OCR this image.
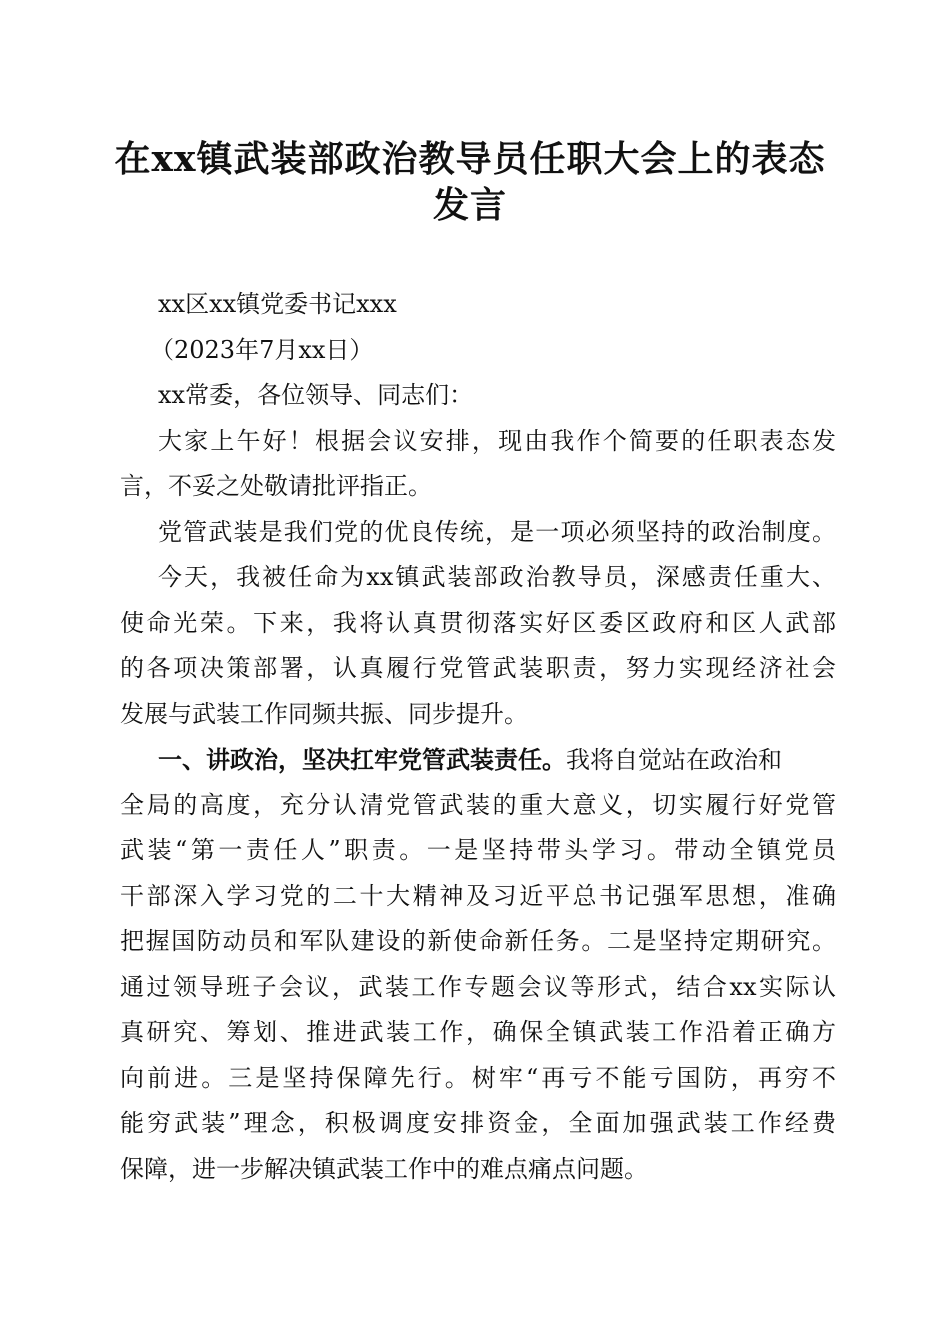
在xx镇武装部政治教导员任职大会上的表态
发言
xx区xx镇党委书记xxx
（2023年7月xx日）
xx常委，各位领导、同志们：
大家上午好！根据会议安排，现由我作个简要的任职表态发
言，不妥之处敬请批评指正。
党管武装是我们党的优良传统，是一项必须坚持的政治制度。
今天，我被任命为xx镇武装部政治教导员，深感责任重大、
使命光荣。下来，我将认真贯彻落实好区委区政府和区人武部
的各项决策部署，认真履行党管武装职责，努力实现经济社会
发展与武装工作同频共振、同步提升。
一、讲政治，坚决扛牢党管武装责任。我将自觉站在政治和
全局的高度，充分认清党管武装的重大意义，切实履行好党管
武装“第一责任人”职责。一是坚持带头学习。带动全镇党员
干部深入学习党的二十大精神及习近平总书记强军思想，准确
把握国防动员和军队建设的新使命新任务。二是坚持定期研究。
通过领导班子会议，武装工作专题会议等形式，结合xx实际认
真研究、筹划、推进武装工作，确保全镇武装工作沿着正确方
向前进。三是坚持保障先行。树牢“再亏不能亏国防，再穷不
能穷武装”理念，积极调度安排资金，全面加强武装工作经费
保障，进一步解决镇武装工作中的难点痛点问题。
